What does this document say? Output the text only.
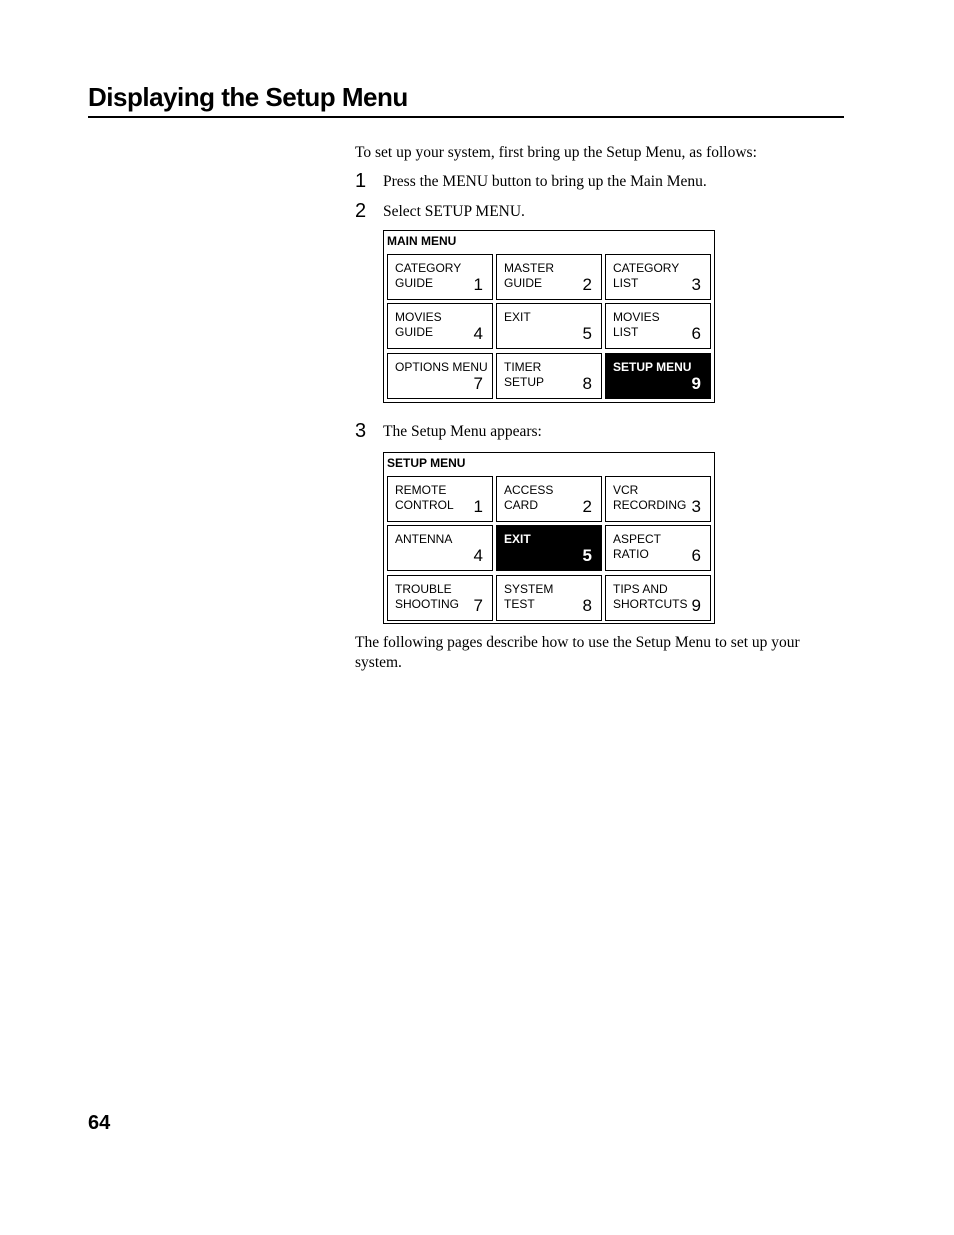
Displaying the Setup Menu

To set up your system, first bring up the Setup Menu, as follows:

1 Press the MENU button to bring up the Main Menu.
2 Select SETUP MENU.
MAIN MENU
CATEGORY
GUIDE	1
MASTER
GUIDE	2
CATEGORY
LIST	3
MOVIES
GUIDE	4
EXIT
5
MOVIES
LIST	6
OPTIONS MENU
7
TIMER
SETUP 8
SETUP MENU
9
3 The Setup Menu appears:
SETUP MENU
REMOTE
CONTROL 1
ACCESS
CARD	2
VCR
RECORDING 3
ANTENNA
4
EXIT
5
ASPECT
RATIO	6
TROUBLE
SHOOTING 7
SYSTEM
TEST	8
TIPS AND
SHORTCUTS 9

The following pages describe how to use the Setup Menu to set up your system.

64
